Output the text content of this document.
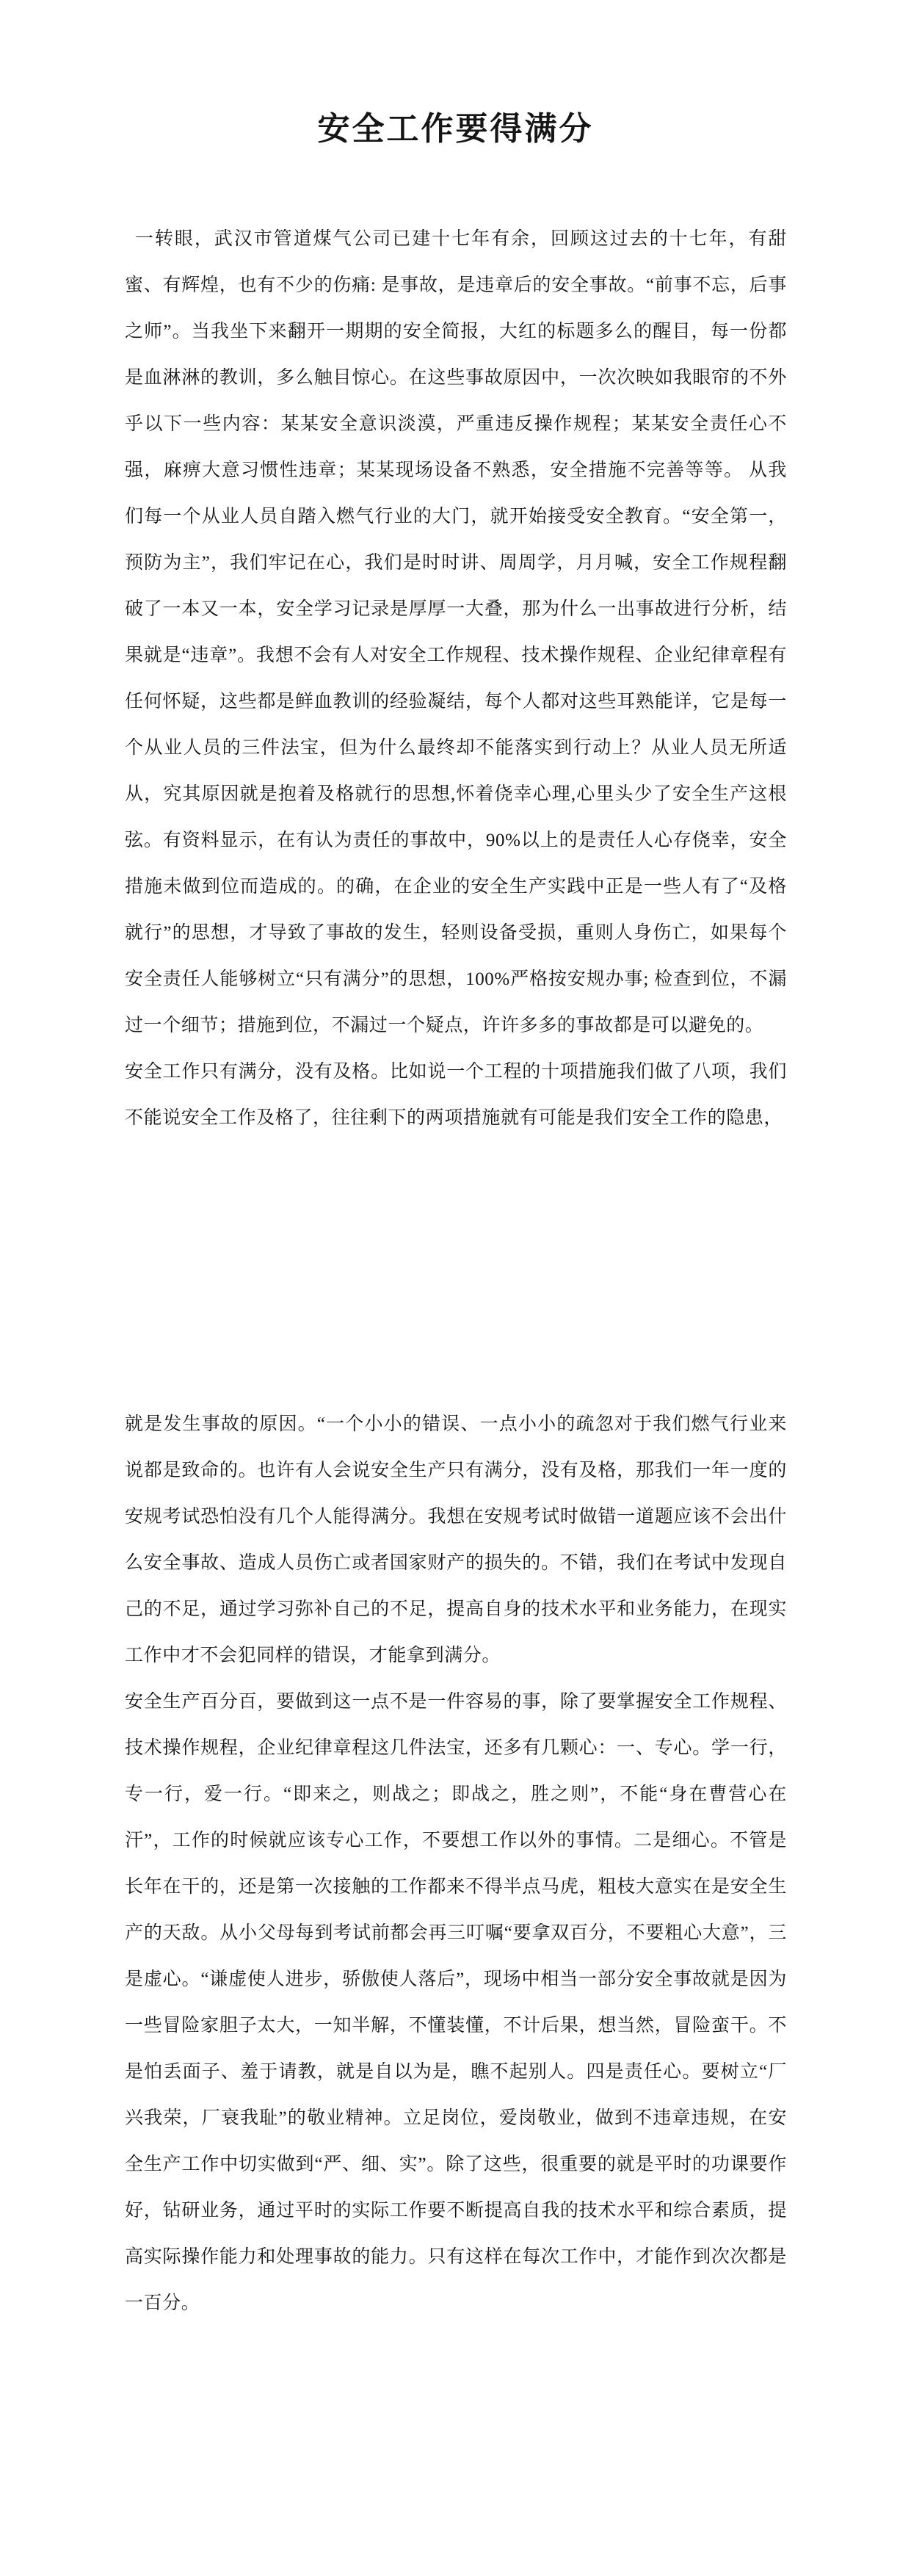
安全工作要得满分

一转眼，武汉市管道煤气公司已建十七年有余，回顾这过去的十七年，有甜蜜、有辉煌，也有不少的伤痛: 是事故，是违章后的安全事故。“前事不忘，后事之师”。当我坐下来翻开一期期的安全简报，大红的标题多么的醒目，每一份都是血淋淋的教训，多么触目惊心。在这些事故原因中，一次次映如我眼帘的不外乎以下一些内容：某某安全意识淡漠，严重违反操作规程；某某安全责任心不强，麻痹大意习惯性违章；某某现场设备不熟悉，安全措施不完善等等。 从我们每一个从业人员自踏入燃气行业的大门，就开始接受安全教育。“安全第一，预防为主”，我们牢记在心，我们是时时讲、周周学，月月喊，安全工作规程翻破了一本又一本，安全学习记录是厚厚一大叠，那为什么一出事故进行分析，结果就是“违章”。我想不会有人对安全工作规程、技术操作规程、企业纪律章程有任何怀疑，这些都是鲜血教训的经验凝结，每个人都对这些耳熟能详，它是每一个从业人员的三件法宝，但为什么最终却不能落实到行动上？从业人员无所适从，究其原因就是抱着及格就行的思想,怀着侥幸心理,心里头少了安全生产这根弦。有资料显示，在有认为责任的事故中，90%以上的是责任人心存侥幸，安全措施未做到位而造成的。的确，在企业的安全生产实践中正是一些人有了“及格就行”的思想，才导致了事故的发生，轻则设备受损，重则人身伤亡，如果每个安全责任人能够树立“只有满分”的思想，100%严格按安规办事; 检查到位，不漏过一个细节；措施到位，不漏过一个疑点，许许多多的事故都是可以避免的。

安全工作只有满分，没有及格。比如说一个工程的十项措施我们做了八项，我们不能说安全工作及格了，往往剩下的两项措施就有可能是我们安全工作的隐患，

就是发生事故的原因。“一个小小的错误、一点小小的疏忽对于我们燃气行业来说都是致命的。也许有人会说安全生产只有满分，没有及格，那我们一年一度的安规考试恐怕没有几个人能得满分。我想在安规考试时做错一道题应该不会出什么安全事故、造成人员伤亡或者国家财产的损失的。不错，我们在考试中发现自己的不足，通过学习弥补自己的不足，提高自身的技术水平和业务能力，在现实工作中才不会犯同样的错误，才能拿到满分。

安全生产百分百，要做到这一点不是一件容易的事，除了要掌握安全工作规程、技术操作规程，企业纪律章程这几件法宝，还多有几颗心：一、专心。学一行，专一行，爱一行。“即来之，则战之；即战之，胜之则”，不能“身在曹营心在汗”，工作的时候就应该专心工作，不要想工作以外的事情。二是细心。不管是长年在干的，还是第一次接触的工作都来不得半点马虎，粗枝大意实在是安全生产的天敌。从小父母每到考试前都会再三叮嘱“要拿双百分，不要粗心大意”，三是虚心。“谦虚使人进步，骄傲使人落后”，现场中相当一部分安全事故就是因为一些冒险家胆子太大，一知半解，不懂装懂，不计后果，想当然，冒险蛮干。不是怕丢面子、羞于请教，就是自以为是，瞧不起别人。四是责任心。要树立“厂兴我荣，厂衰我耻”的敬业精神。立足岗位，爱岗敬业，做到不违章违规，在安全生产工作中切实做到“严、细、实”。除了这些，很重要的就是平时的功课要作好，钻研业务，通过平时的实际工作要不断提高自我的技术水平和综合素质，提高实际操作能力和处理事故的能力。只有这样在每次工作中，才能作到次次都是一百分。
